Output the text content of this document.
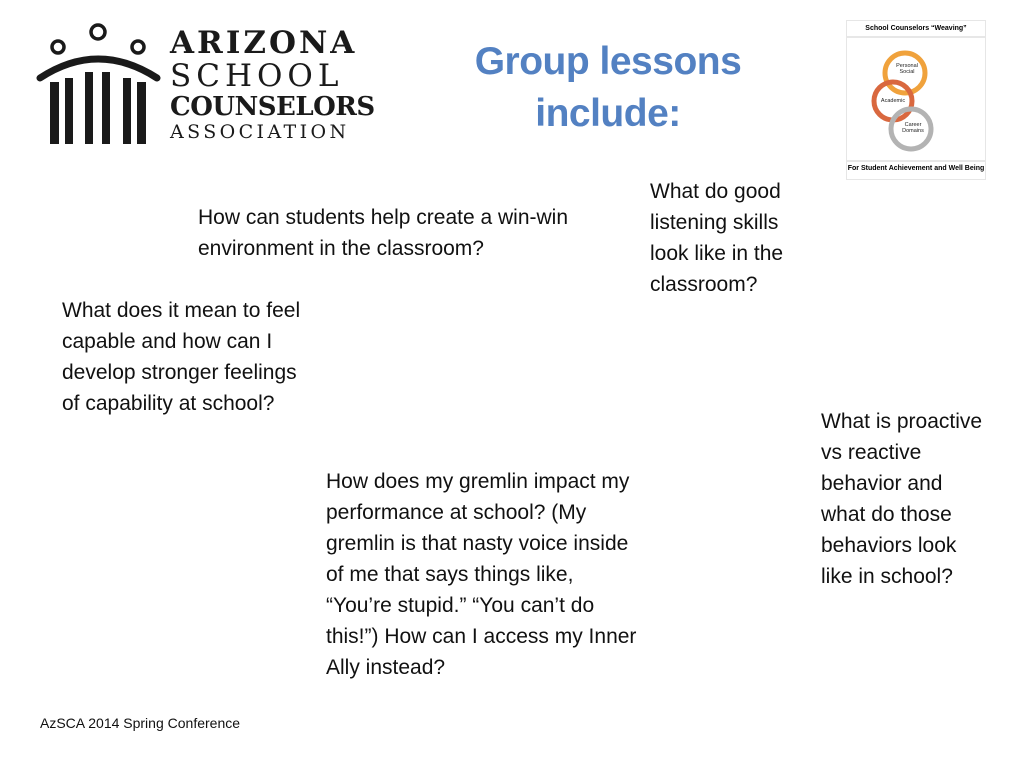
ARIZONA
SCHOOL
COUNSELORS
ASSOCIATION
Group lessons
include:
School Counselors “Weaving”
Personal Social
Academic
Career Domains
For Student Achievement and Well Being
How can students help create a win-win environment in the classroom?
What do good listening skills look like in the classroom?
What does it mean to feel capable and how can I develop stronger feelings of capability at school?
What is proactive vs reactive behavior and what do those behaviors look like in school?
How does my gremlin impact my performance at school? (My gremlin is that nasty voice inside of me that says things like, “You’re stupid.” “You can’t do this!”) How can I access my Inner Ally instead?
AzSCA 2014 Spring Conference
